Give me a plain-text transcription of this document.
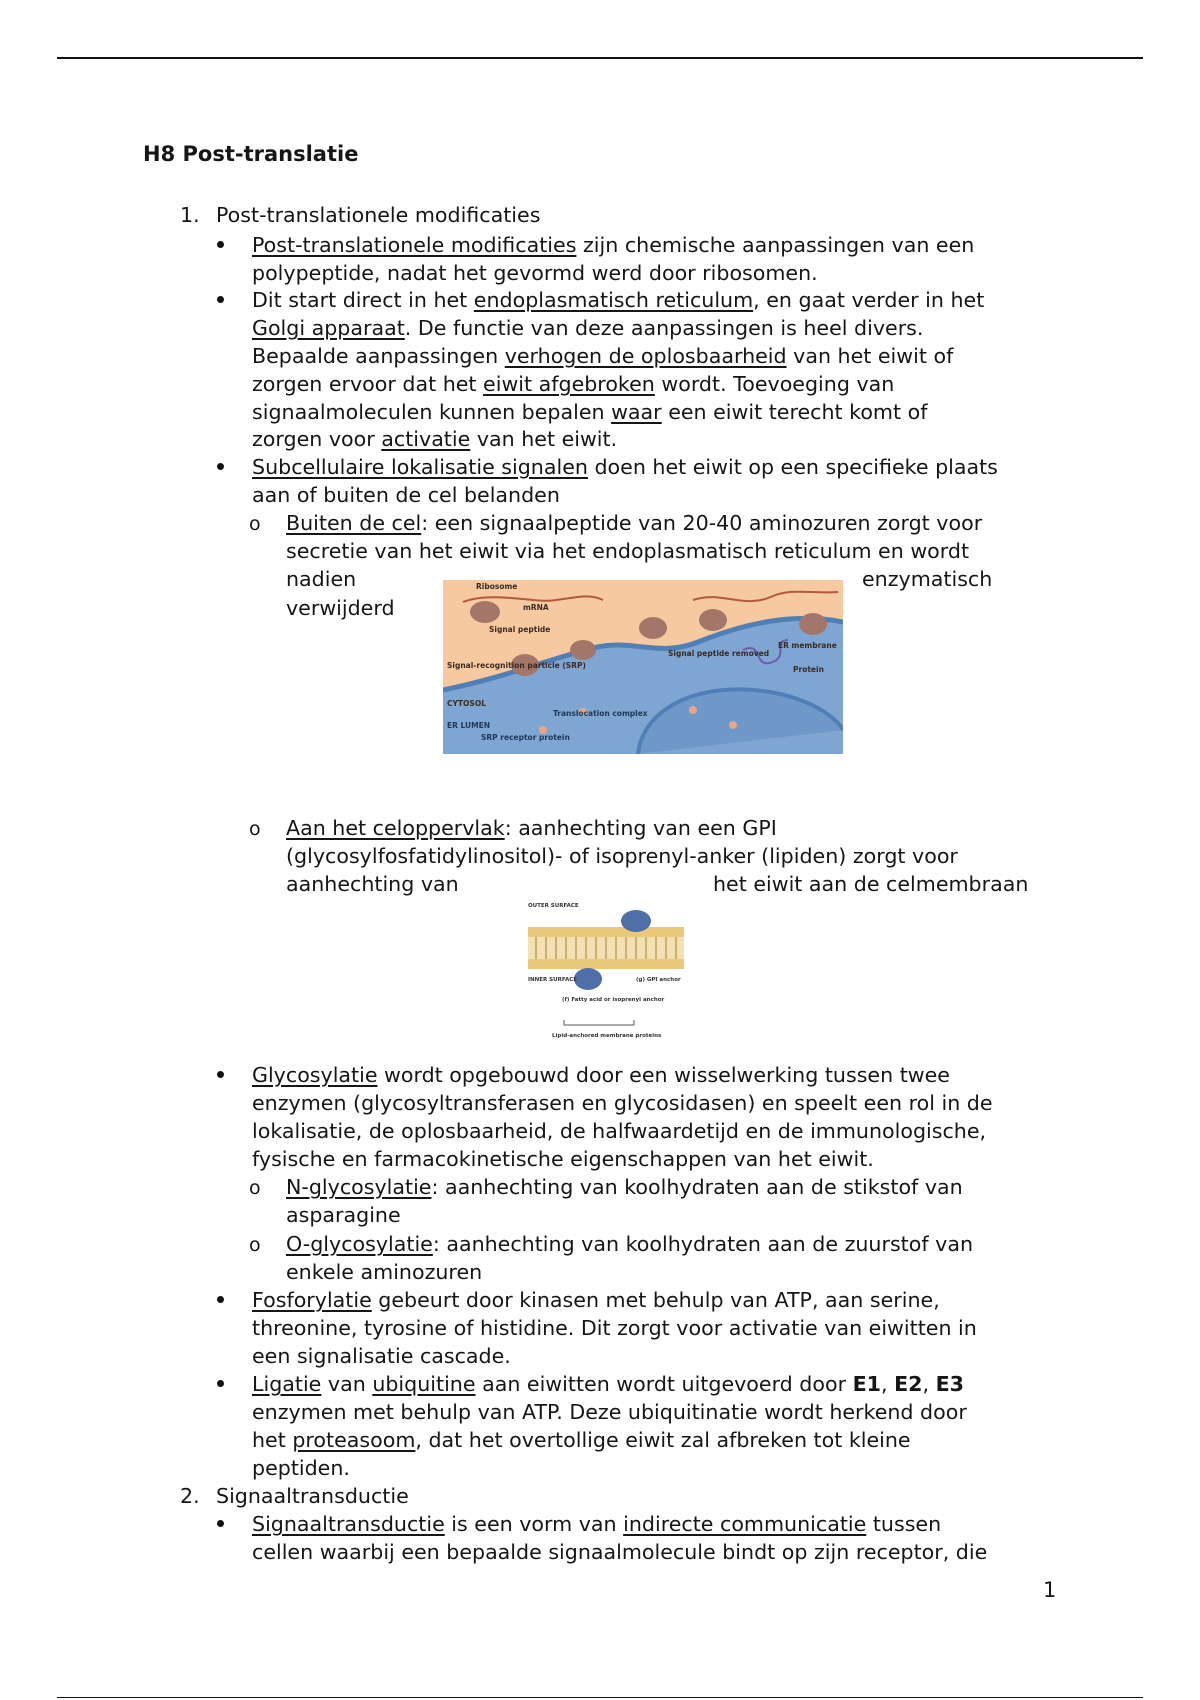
H8 Post-translatie
1. Post-translationele modificaties
Post-translationele modificaties zijn chemische aanpassingen van een
polypeptide, nadat het gevormd werd door ribosomen.
Dit start direct in het endoplasmatisch reticulum, en gaat verder in het
Golgi apparaat. De functie van deze aanpassingen is heel divers.
Bepaalde aanpassingen verhogen de oplosbaarheid van het eiwit of
zorgen ervoor dat het eiwit afgebroken wordt. Toevoeging van
signaalmoleculen kunnen bepalen waar een eiwit terecht komt of
zorgen voor activatie van het eiwit.
Subcellulaire lokalisatie signalen doen het eiwit op een specifieke plaats
aan of buiten de cel belanden
o Buiten de cel: een signaalpeptide van 20-40 aminozuren zorgt voor
secretie van het eiwit via het endoplasmatisch reticulum en wordt
nadien	enzymatisch
verwijderd
Ribosome
mRNA
Signal peptide
Signal-recognition particle (SRP)
CYTOSOL
ER LUMEN
SRP receptor protein
Translocation complex
Signal peptide removed
ER membrane
Protein
o Aan het celoppervlak: aanhechting van een GPI
(glycosylfosfatidylinositol)- of isoprenyl-anker (lipiden) zorgt voor
aanhechting van	het eiwit aan de celmembraan
OUTER SURFACE
INNER SURFACE	(g) GPI anchor
(f) Fatty acid or isoprenyl anchor
Lipid-anchored membrane proteins
Glycosylatie wordt opgebouwd door een wisselwerking tussen twee
enzymen (glycosyltransferasen en glycosidasen) en speelt een rol in de
lokalisatie, de oplosbaarheid, de halfwaardetijd en de immunologische,
fysische en farmacokinetische eigenschappen van het eiwit.
o N-glycosylatie: aanhechting van koolhydraten aan de stikstof van
asparagine
o O-glycosylatie: aanhechting van koolhydraten aan de zuurstof van
enkele aminozuren
Fosforylatie gebeurt door kinasen met behulp van ATP, aan serine,
threonine, tyrosine of histidine. Dit zorgt voor activatie van eiwitten in
een signalisatie cascade.
Ligatie van ubiquitine aan eiwitten wordt uitgevoerd door E1, E2, E3
enzymen met behulp van ATP. Deze ubiquitinatie wordt herkend door
het proteasoom, dat het overtollige eiwit zal afbreken tot kleine
peptiden.
2. Signaaltransductie
Signaaltransductie is een vorm van indirecte communicatie tussen
cellen waarbij een bepaalde signaalmolecule bindt op zijn receptor, die
1
